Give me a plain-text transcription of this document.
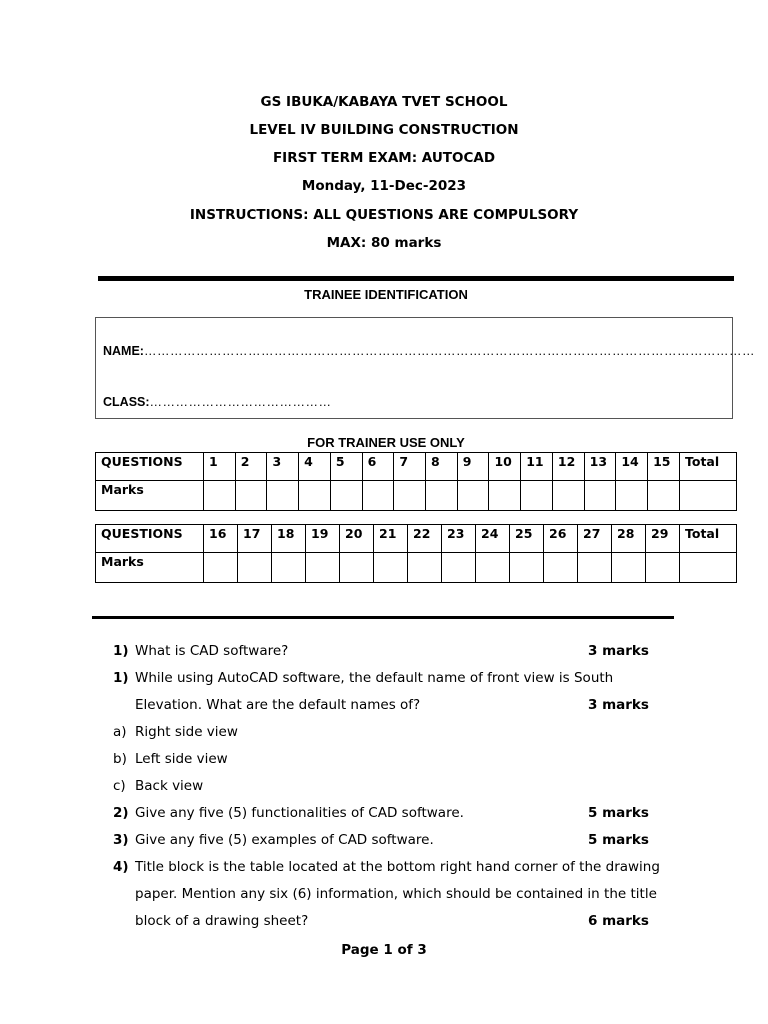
GS IBUKA/KABAYA TVET SCHOOL
LEVEL IV BUILDING CONSTRUCTION
FIRST TERM EXAM: AUTOCAD
Monday, 11-Dec-2023
INSTRUCTIONS: ALL QUESTIONS ARE COMPULSORY
MAX: 80 marks
TRAINEE IDENTIFICATION
NAME:……………………………………………………………………………………………………………………………
CLASS:……………………………………
FOR TRAINER USE ONLY
QUESTIONS	1	2	3	4	5	6	7	8	9	10	11	12	13	14	15	Total
Marks																
QUESTIONS	16	17	18	19	20	21	22	23	24	25	26	27	28	29	Total
Marks															
1) What is CAD software?	3 marks
1) While using AutoCAD software, the default name of front view is South
Elevation. What are the default names of?	3 marks
a) Right side view
b) Left side view
c) Back view
2) Give any five (5) functionalities of CAD software.	5 marks
3) Give any five (5) examples of CAD software.	5 marks
4) Title block is the table located at the bottom right hand corner of the drawing
paper. Mention any six (6) information, which should be contained in the title
block of a drawing sheet?	6 marks
Page 1 of 3
